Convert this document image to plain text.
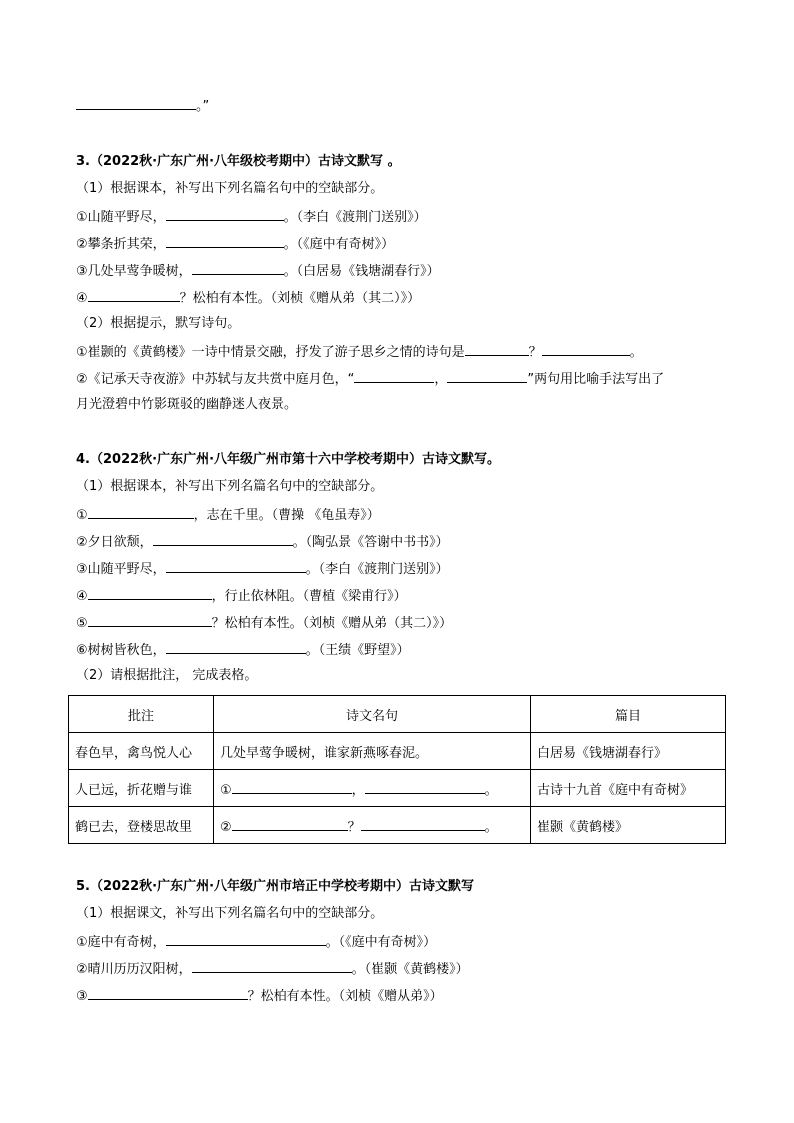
。”
3.（2022秋·广东广州·八年级校考期中）古诗文默写 。
（1）根据课本，补写出下列名篇名句中的空缺部分。
①山随平野尽，	。（李白《渡荆门送别》）
②攀条折其荣，	。（《庭中有奇树》）
③几处早莺争暖树，	。（白居易《钱塘湖春行》）
④	？松柏有本性。（刘桢《赠从弟（其二）》）
（2）根据提示，默写诗句。
①崔颢的《黄鹤楼》一诗中情景交融，抒发了游子思乡之情的诗句是	？	。
②《记承天寺夜游》中苏轼与友共赏中庭月色，“	，	”两句用比喻手法写出了
月光澄碧中竹影斑驳的幽静迷人夜景。
4.（2022秋·广东广州·八年级广州市第十六中学校考期中）古诗文默写。
（1）根据课本，补写出下列名篇名句中的空缺部分。
①	，志在千里。（曹操 《龟虽寿》）
②夕日欲颓，	。（陶弘景《答谢中书书》）
③山随平野尽，	。（李白《渡荆门送别》）
④	，行止依林阻。（曹植《梁甫行》）
⑤	？松柏有本性。（刘桢《赠从弟（其二）》）
⑥树树皆秋色，	。（王绩《野望》）
（2）请根据批注， 完成表格。
批注	诗文名句	篇目
春色早，禽鸟悦人心	几处早莺争暖树，谁家新燕啄春泥。	白居易《钱塘湖春行》
人已远，折花赠与谁	① ， 。	古诗十九首《庭中有奇树》
鹤已去，登楼思故里	② ？ 。	崔颢《黄鹤楼》
5.（2022秋·广东广州·八年级广州市培正中学校考期中）古诗文默写
（1）根据课文，补写出下列名篇名句中的空缺部分。
①庭中有奇树，	。（《庭中有奇树》）
②晴川历历汉阳树，	。（崔颢《黄鹤楼》）
③	？松柏有本性。（刘桢《赠从弟》）
